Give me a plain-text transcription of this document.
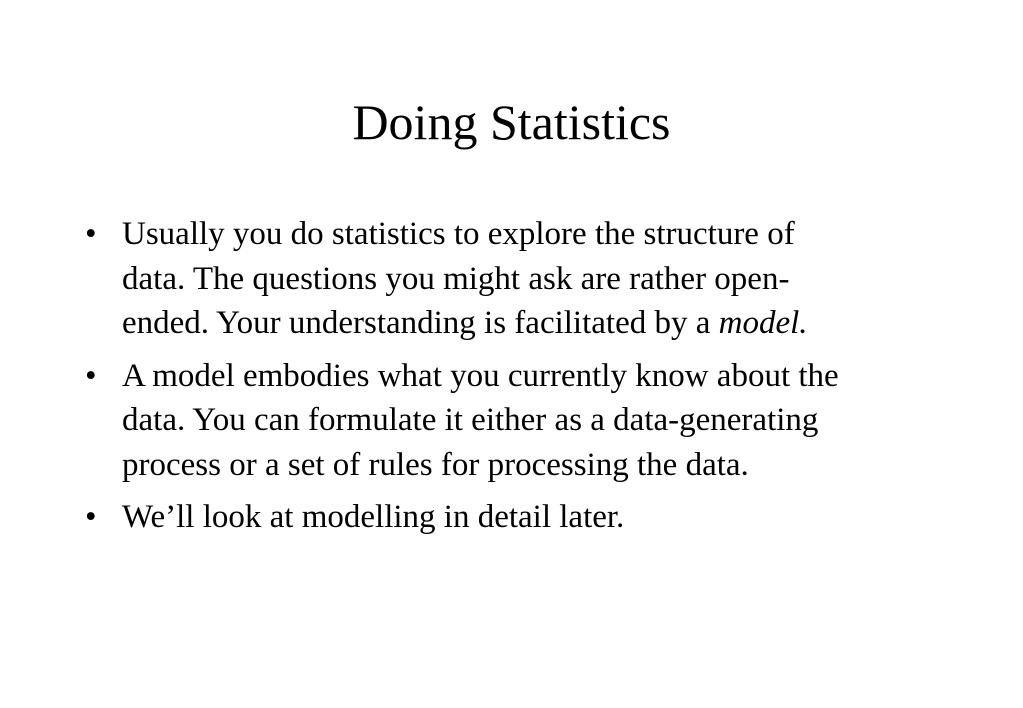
Doing Statistics
• Usually you do statistics to explore the structure of
data. The questions you might ask are rather open-
ended. Your understanding is facilitated by a model.
• A model embodies what you currently know about the
data. You can formulate it either as a data-generating
process or a set of rules for processing the data.
• We’ll look at modelling in detail later.
